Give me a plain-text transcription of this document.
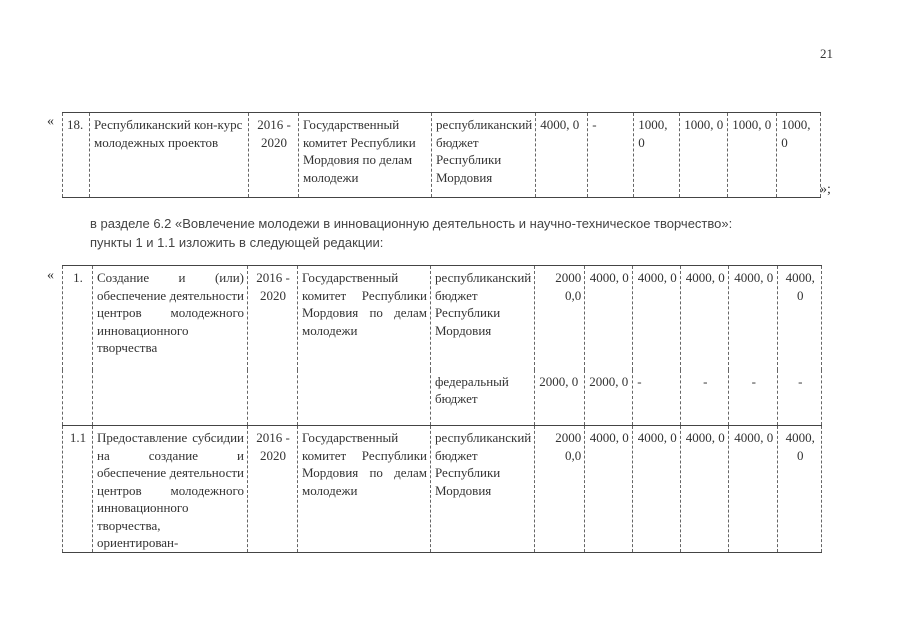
21
« 18.	Республиканский кон-курс молодежных проектов	2016 - 2020	Государственный комитет Республики Мордовия по делам молодежи	республиканский бюджет Республики Мордовия	4000, 0	-	1000, 0	1000, 0	1000, 0	1000, 0
»;
в разделе 6.2 «Вовлечение молодежи в инновационную деятельность и научно-техническое творчество»:
пункты 1 и 1.1 изложить в следующей редакции:
« 1.	Создание и (или) обеспечение деятельности центров молодежного инновационного творчества	2016 - 2020	Государственный комитет Республики Мордовия по делам молодежи	республиканский бюджет Республики Мордовия	2000 0,0	4000, 0	4000, 0	4000, 0	4000, 0	4000, 0
				федеральный бюджет	2000, 0	2000, 0	-	-	-	-
1.1	Предоставление субсидии на создание и обеспечение деятельности центров молодежного инновационного творчества, ориентирован-	2016 - 2020	Государственный комитет Республики Мордовия по делам молодежи	республиканский бюджет Республики Мордовия	2000 0,0	4000, 0	4000, 0	4000, 0	4000, 0	4000, 0
